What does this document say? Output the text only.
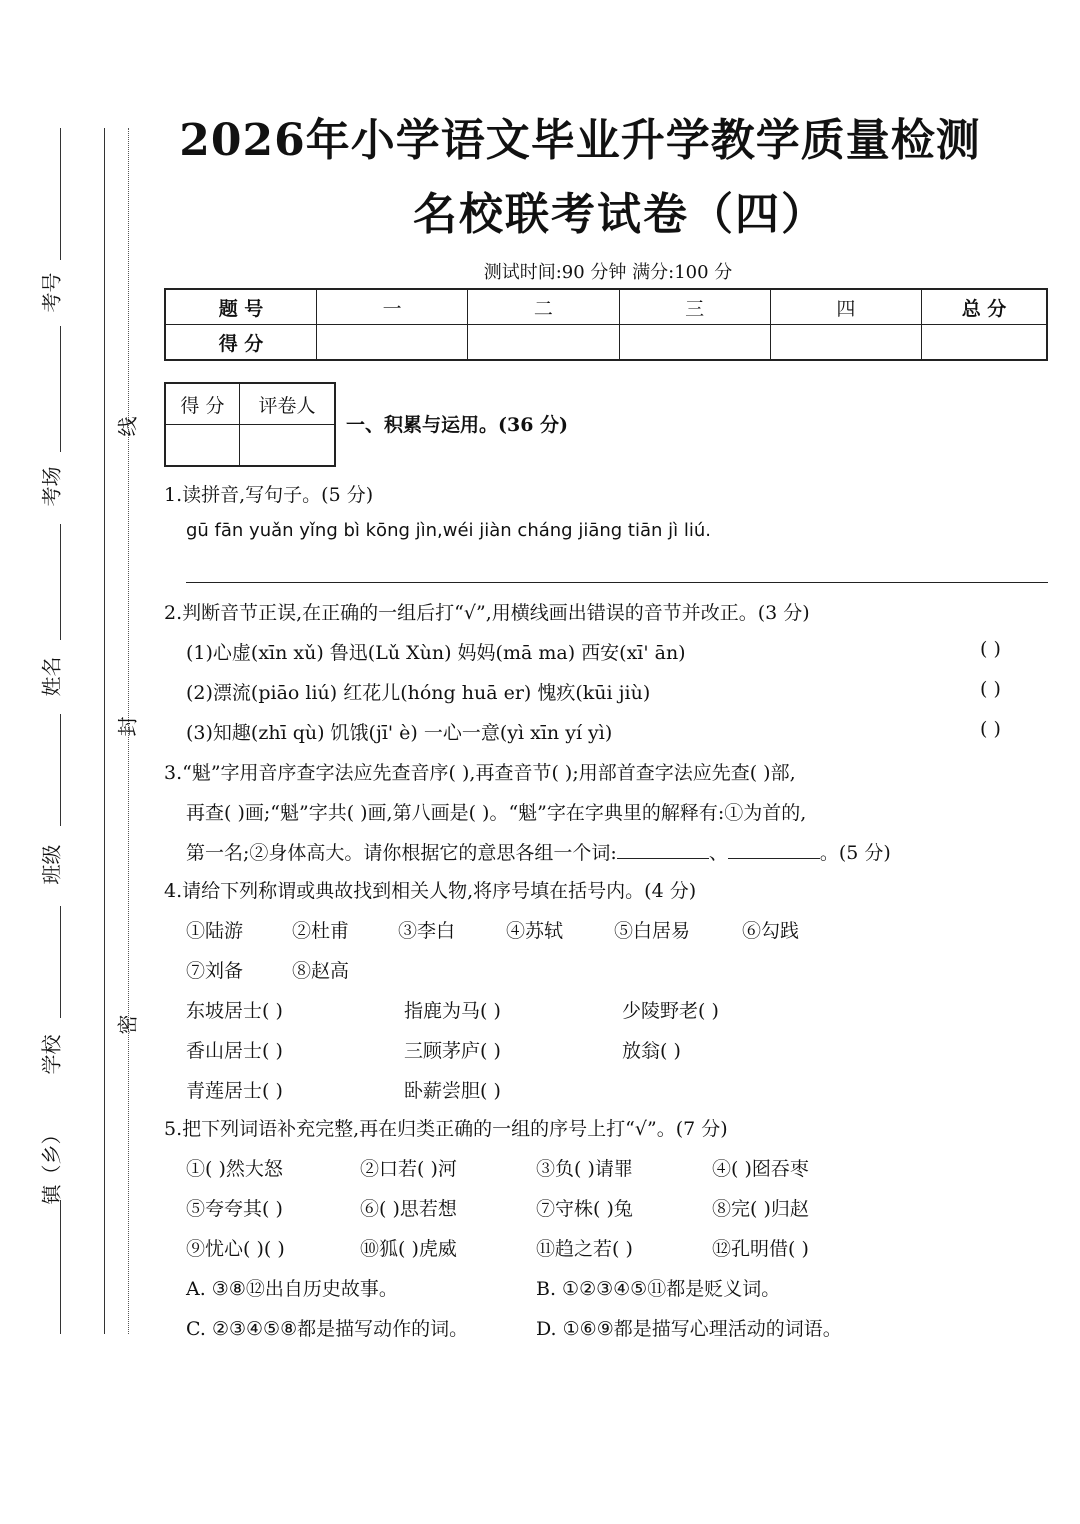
线
封
密
考号
考场
姓名
班级
学校
镇（乡）
2026年小学语文毕业升学教学质量检测
名校联考试卷（四）
测试时间:90 分钟 满分:100 分
题 号	一	二	三	四	总 分
得 分					
得 分	评卷人

一、积累与运用。(36 分)
1.读拼音,写句子。(5 分)
gū fān yuǎn yǐng bì kōng jìn,wéi jiàn cháng jiāng tiān jì liú.
2.判断音节正误,在正确的一组后打“√”,用横线画出错误的音节并改正。(3 分)
(1)心虚(xīn xǔ) 鲁迅(Lǔ Xùn) 妈妈(mā ma) 西安(xī' ān)	( )
(2)漂流(piāo liú) 红花儿(hóng huā er) 愧疚(kūi jiù)	( )
(3)知趣(zhī qù) 饥饿(jī' è) 一心一意(yì xīn yí yì)	( )
3.“魁”字用音序查字法应先查音序( ),再查音节( );用部首查字法应先查( )部,
再查( )画;“魁”字共( )画,第八画是( )。“魁”字在字典里的解释有:①为首的,
第一名;②身体高大。请你根据它的意思各组一个词:	、	。(5 分)
4.请给下列称谓或典故找到相关人物,将序号填在括号内。(4 分)
①陆游	②杜甫	③李白	④苏轼	⑤白居易	⑥勾践
⑦刘备	⑧赵高
东坡居士( )	指鹿为马( )	少陵野老( )
香山居士( )	三顾茅庐( )	放翁( )
青莲居士( )	卧薪尝胆( )
5.把下列词语补充完整,再在归类正确的一组的序号上打“√”。(7 分)
①( )然大怒	②口若( )河	③负( )请罪	④( )囵吞枣
⑤夸夸其( )	⑥( )思若想	⑦守株( )兔	⑧完( )归赵
⑨忧心( )( )	⑩狐( )虎威	⑪趋之若( )	⑫孔明借( )
A. ③⑧⑫出自历史故事。	B. ①②③④⑤⑪都是贬义词。
C. ②③④⑤⑧都是描写动作的词。	D. ①⑥⑨都是描写心理活动的词语。
